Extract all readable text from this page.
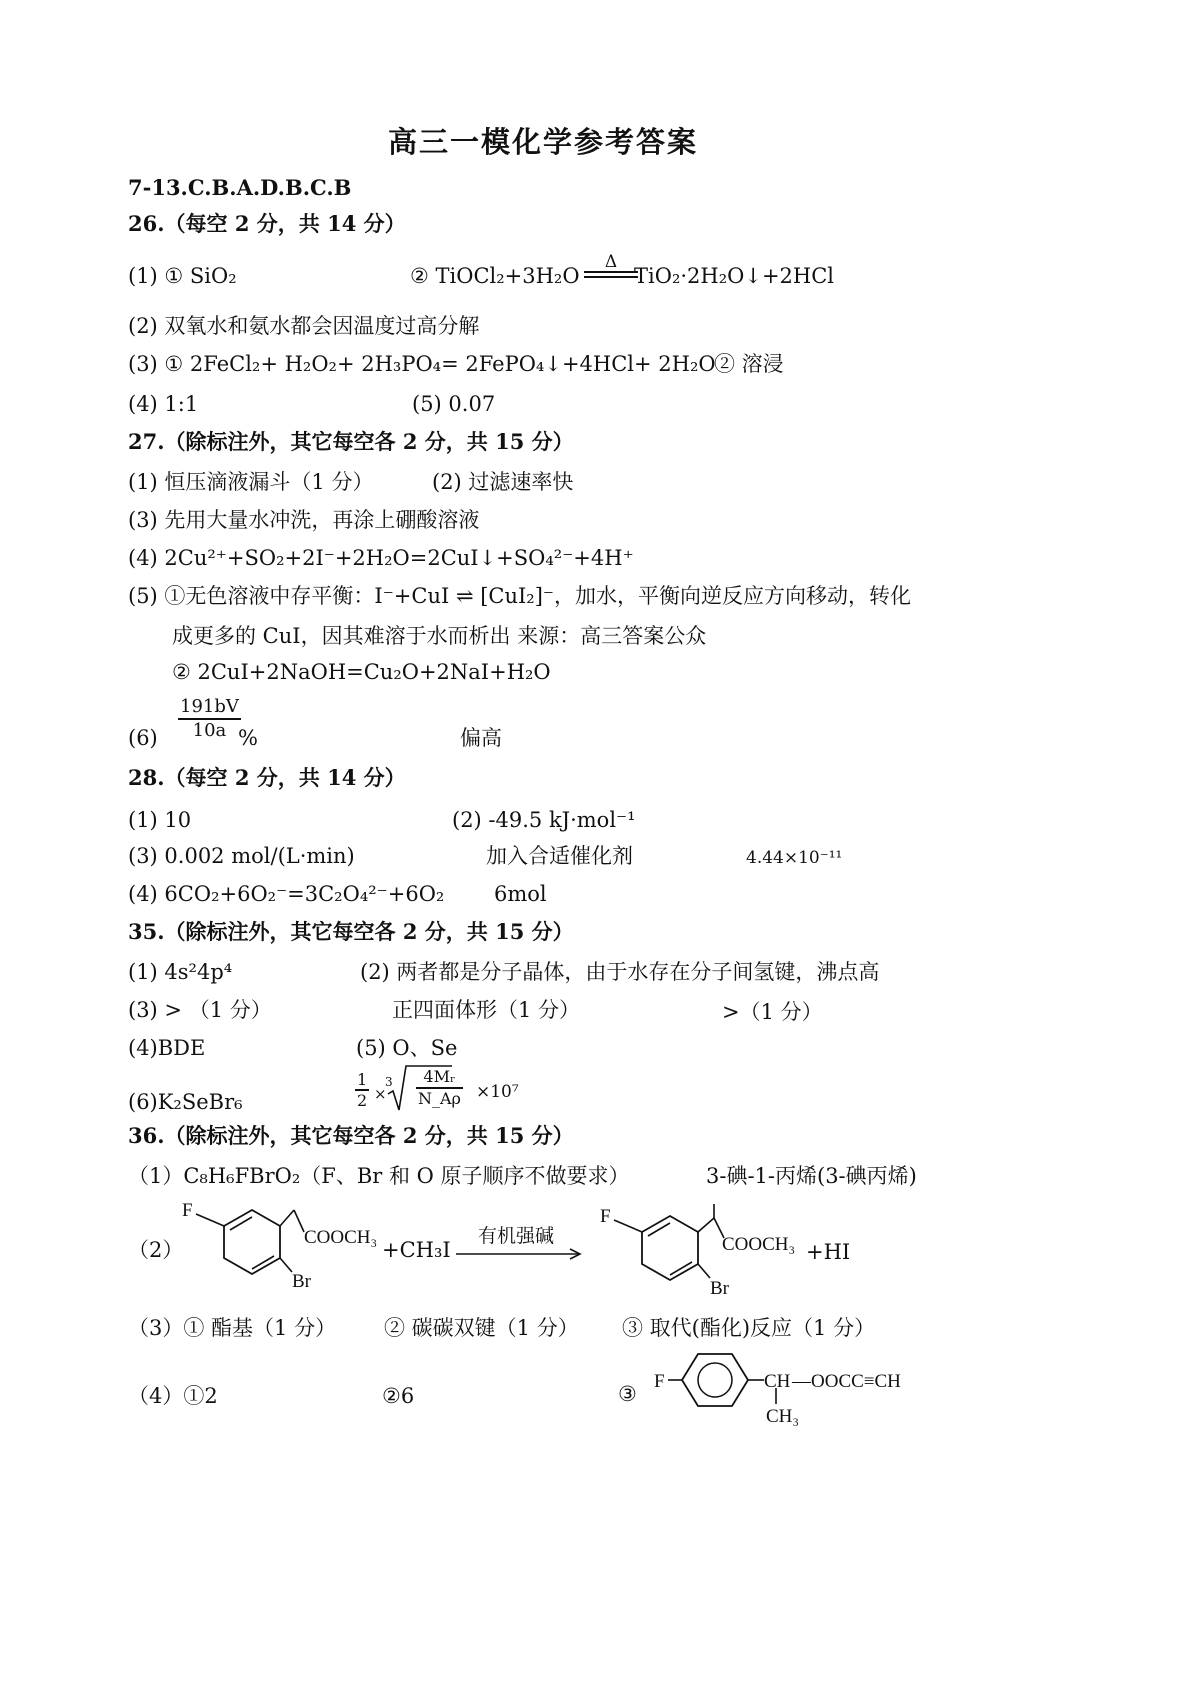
高三一模化学参考答案
7-13.C.B.A.D.B.C.B
26.（每空 2 分，共 14 分）
(1) ① SiO₂	② TiOCl₂+3H₂O
Δ
TiO₂·2H₂O↓+2HCl
(2) 双氧水和氨水都会因温度过高分解
(3) ① 2FeCl₂+ H₂O₂+ 2H₃PO₄= 2FePO₄↓+4HCl+ 2H₂O
② 溶浸
(4) 1:1	(5) 0.07
27.（除标注外，其它每空各 2 分，共 15 分）
(1) 恒压滴液漏斗（1 分）	(2) 过滤速率快
(3) 先用大量水冲洗，再涂上硼酸溶液
(4) 2Cu²⁺+SO₂+2I⁻+2H₂O=2CuI↓+SO₄²⁻+4H⁺
(5) ①无色溶液中存平衡：I⁻+CuI ⇌ [CuI₂]⁻，加水，平衡向逆反应方向移动，转化
成更多的 CuI，因其难溶于水而析出 来源：高三答案公众
② 2CuI+2NaOH=Cu₂O+2NaI+H₂O
$(6) \frac{191bV}{10a}$
%	偏高
28.（每空 2 分，共 14 分）
(1) 10	(2) -49.5 kJ·mol⁻¹
(3) 0.002 mol/(L·min)	加入合适催化剂	4.44×10⁻¹¹
(4) 6CO₂+6O₂⁻=3C₂O₄²⁻+6O₂ 6mol
35.（除标注外，其它每空各 2 分，共 15 分）
(1) 4s²4p⁴	(2) 两者都是分子晶体，由于水存在分子间氢键，沸点高
(3) > （1 分）	正四面体形（1 分）	>（1 分）
(4)BDE	(5) O、Se
(6)K₂SeBr₆	$\frac{1}{2}$ ×
$3 \frac{\text{4Mᵣ}}{N\_A\rho} \times 10^7$
36.（除标注外，其它每空各 2 分，共 15 分）
（1）C₈H₆FBrO₂（F、Br 和 O 原子顺序不做要求）	3-碘-1-丙烯(3-碘丙烯)
（2）
F
COOCH₃
Br
+CH₃I
有机强碱
F
COOCH₃
Br
+HI
（3）① 酯基（1 分） ② 碳碳双键（1 分） ③ 取代(酯化)反应（1 分）
（4）①2	②6	③
F	CH —OOCC≡CH
CH₃
